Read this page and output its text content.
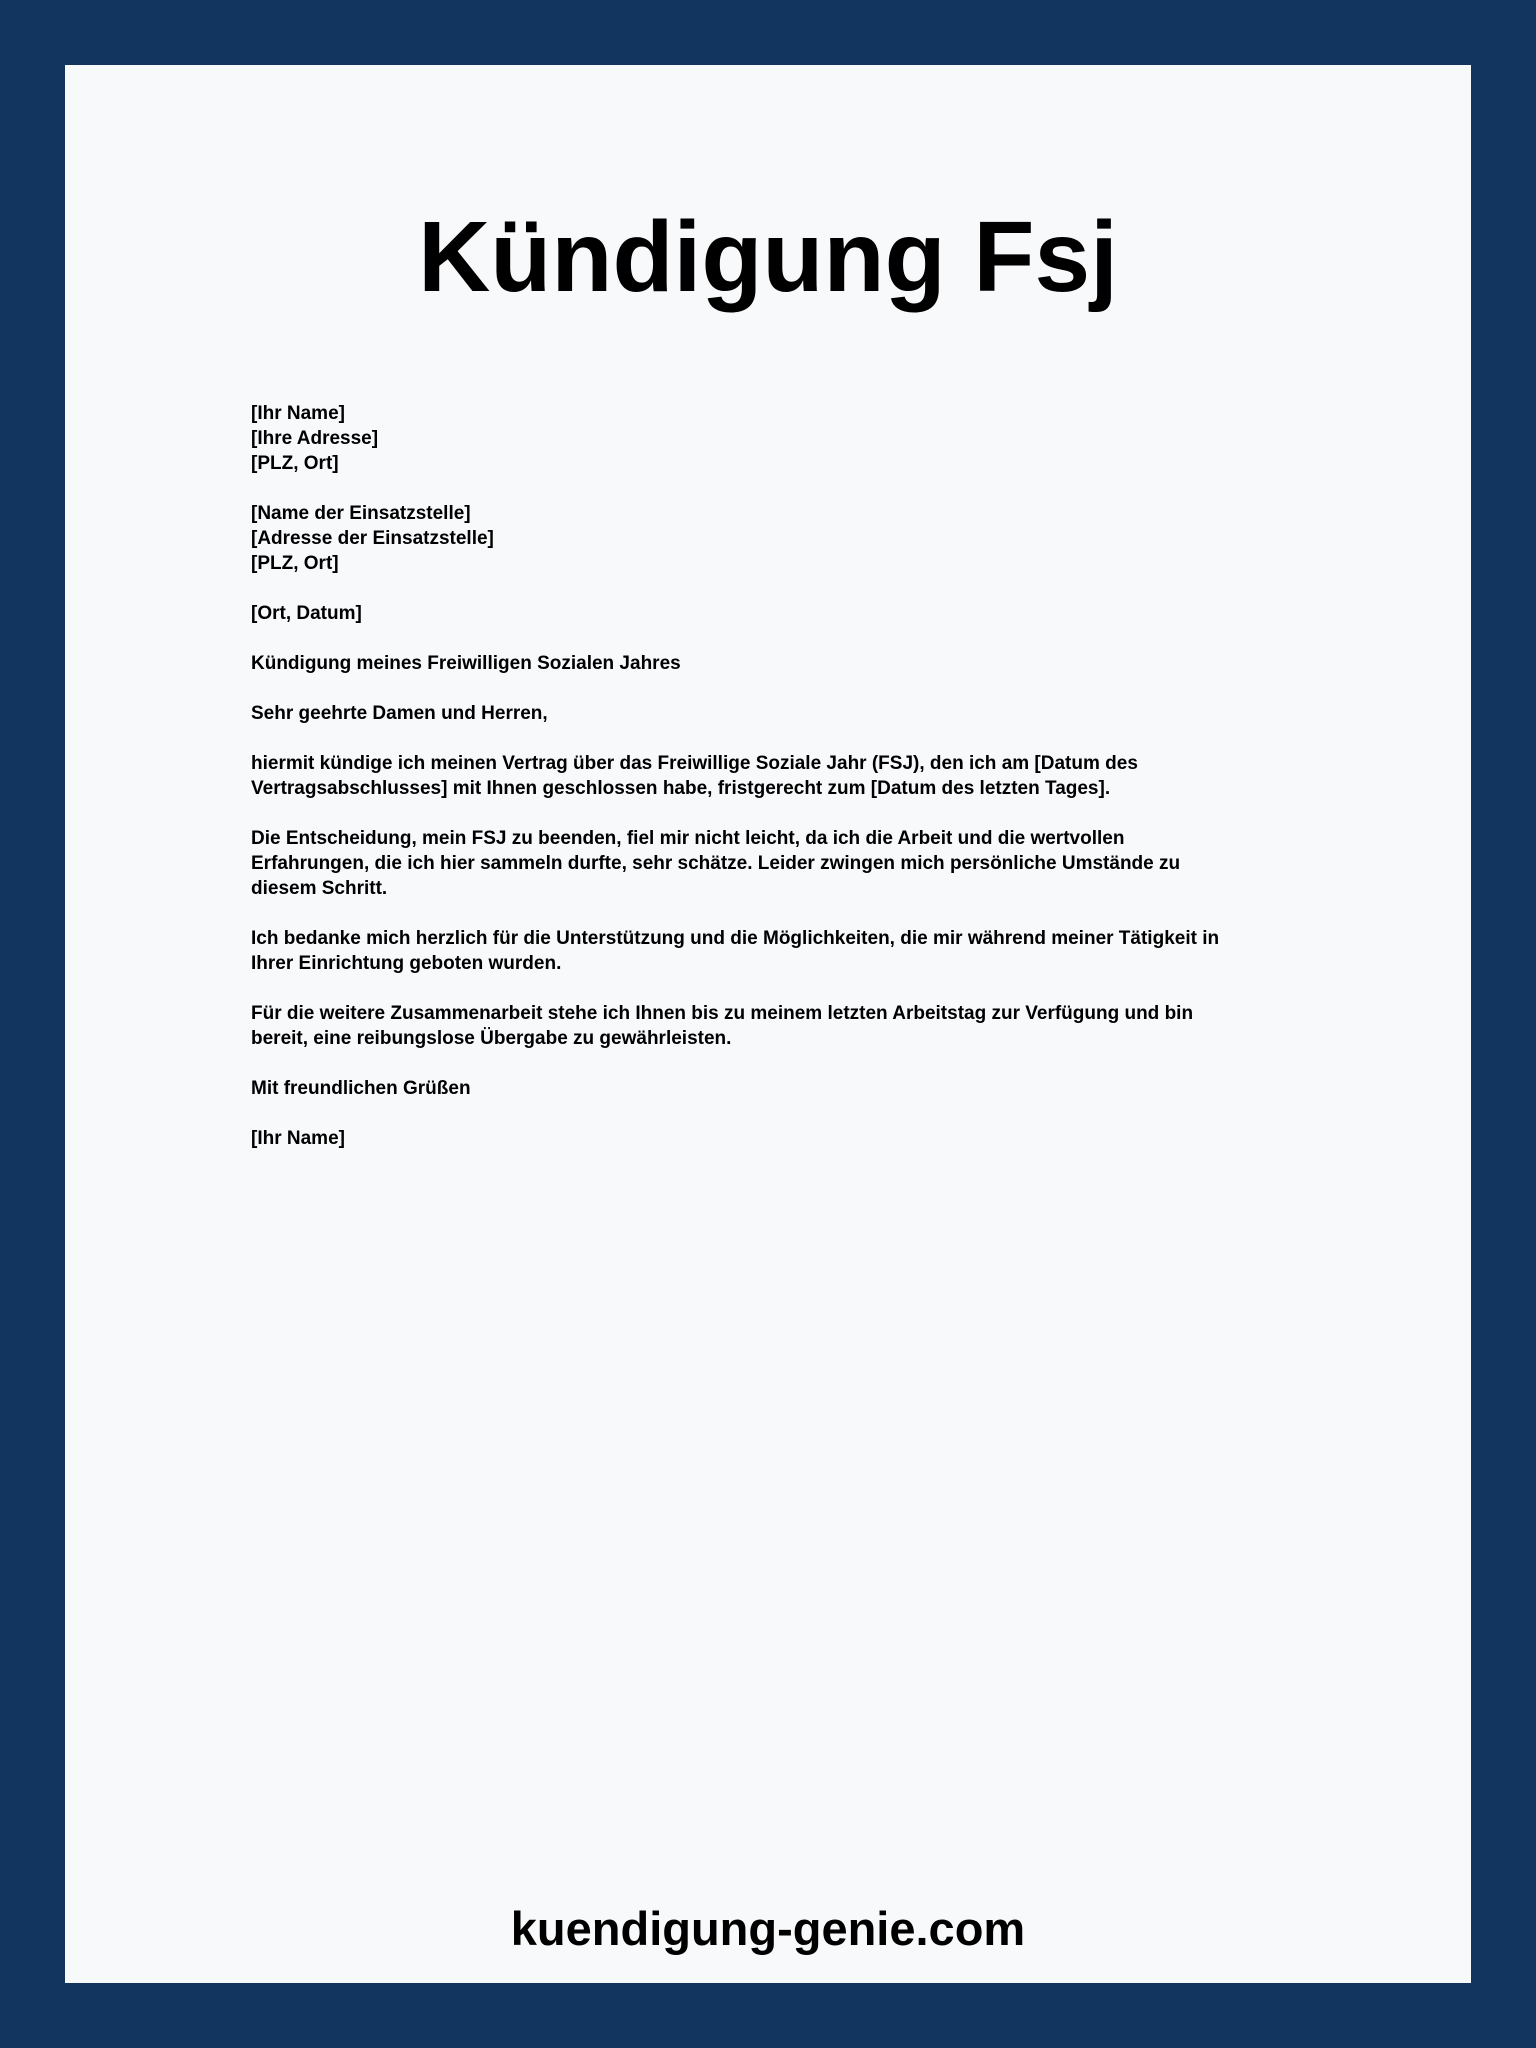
Kündigung Fsj
[Ihr Name]
[Ihre Adresse]
[PLZ, Ort]
[Name der Einsatzstelle]
[Adresse der Einsatzstelle]
[PLZ, Ort]
[Ort, Datum]
Kündigung meines Freiwilligen Sozialen Jahres
Sehr geehrte Damen und Herren,
hiermit kündige ich meinen Vertrag über das Freiwillige Soziale Jahr (FSJ), den ich am [Datum des
Vertragsabschlusses] mit Ihnen geschlossen habe, fristgerecht zum [Datum des letzten Tages].
Die Entscheidung, mein FSJ zu beenden, fiel mir nicht leicht, da ich die Arbeit und die wertvollen
Erfahrungen, die ich hier sammeln durfte, sehr schätze. Leider zwingen mich persönliche Umstände zu
diesem Schritt.
Ich bedanke mich herzlich für die Unterstützung und die Möglichkeiten, die mir während meiner Tätigkeit in
Ihrer Einrichtung geboten wurden.
Für die weitere Zusammenarbeit stehe ich Ihnen bis zu meinem letzten Arbeitstag zur Verfügung und bin
bereit, eine reibungslose Übergabe zu gewährleisten.
Mit freundlichen Grüßen
[Ihr Name]
kuendigung-genie.com
